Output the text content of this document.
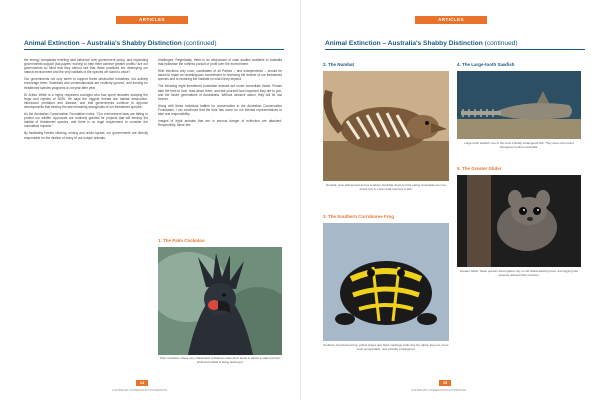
ARTICLES
Animal Extinction – Australia's Shabby Distinction (continued)

the energy companies exerting vast influence over government policy, and expanding governments support (tax-payers' money) to help them achieve greater profits? Are our governments so blind that they cannot see that these practices are destroying our natural environment and the very habitats of the species we claim to value?

Our governments not only seem to support these destructive industries, but actively encourage them. Scientists and conservationists are routinely ignored, and funding for threatened species programs is cut year after year.

Dr Arthur White is a highly respected zoologist who has spent decades studying the frogs and reptiles of NSW. He says the biggest threats are habitat destruction, introduced predators and disease, and that governments continue to approve developments that destroy the last remaining strongholds of our threatened species.

As the Australian Conservation Foundation notes, "Our environment laws are failing to protect our wildlife. Approvals are routinely granted for projects that will destroy the habitat of threatened species, and there is no legal requirement to consider the cumulative impacts."

By facilitating forests clearing, mining and urban sprawl, our governments are directly responsible for the decline of many of our unique animals.

challenges. Regrettably, there is an abundance of case studies available in Australia that epitomise the ruthless pursuit of profit over the environment.

With elections only once, candidates of all Parties – and Independents – should be asked to make an unambiguous commitment to reversing the decline of our threatened species and to restoring the habitats on which they depend.

The following eight threatened Australian animals are under immediate threat. Please take the time to look, read about them, and ask yourself how important they are to you, and the future generations of Australians. Without decisive action, they will be lost forever.

Along with these individual battles for conservation in the Australian Conservation Foundation, I am convinced that the time has come for our elected representatives to take real responsibility.

Images of eight animals that are in serious danger of extinction are attached. Respectfully, these are:

1. The Palm Cockatoo
Palm Cockatoo: these very charismatic cockatoos make drum beats to attract a mate but their rainforest habitat is being destroyed.
24
AUSTRALIAN CONSERVATION FOUNDATION
ARTICLES
Animal Extinction – Australia's Shabby Distinction (continued)
2. The Numbat
Numbat: once widespread across southern Australia, these termite eating marsupials are now found only in a few small reserves in WA.
3. The Southern Corroboree Frog
Southern Corroboree Frog: yellow stripes and black markings make this tiny alpine frog one of our most recognisable, now critically endangered.
4. The Large-tooth Sawfish
Large-tooth sawfish: one of the most critically endangered fish. They were once found throughout northern Australia.
5. The Greater Glider
Greater Glider: these possum-sized gliders rely on old hollow-bearing trees, and logging has severely reduced their numbers.
25
AUSTRALIAN CONSERVATION FOUNDATION
